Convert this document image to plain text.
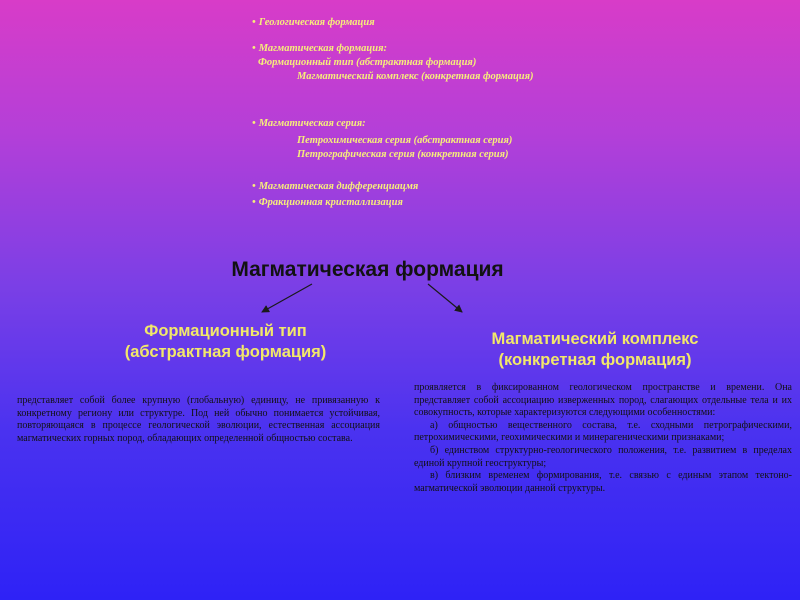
• Геологическая формация
• Магматическая формация:
Формационный тип (абстрактная формация)
Магматический комплекс (конкретная формация)
• Магматическая серия:
Петрохимическая серия (абстрактная серия)
Петрографическая серия (конкретная серия)
• Магматическая дифференциацмя
• Фракционная кристаллизация
Магматическая формация
Формационный тип
(абстрактная формация)

представляет собой более крупную (глобальную) единицу, не привязанную к конкретному региону или структуре. Под ней обычно понимается устойчивая, повторяющаяся в процессе геологической эволюции, естественная ассоциация магматических горных пород, обладающих определенной общностью состава.

Магматический комплекс
(конкретная формация)

проявляется в фиксированном геологическом пространстве и времени. Она представляет собой ассоциацию изверженных пород, слагающих отдельные тела и их совокупность, которые характеризуются следующими особенностями:

а) общностью вещественного состава, т.е. сходными петрографическими, петрохимическими, геохимическими и минерагеническими признаками;

б) единством структурно-геологического положения, т.е. развитием в пределах единой крупной геоструктуры;

в) близким временем формирования, т.е. связью с единым этапом тектоно-магматической эволюции данной структуры.
